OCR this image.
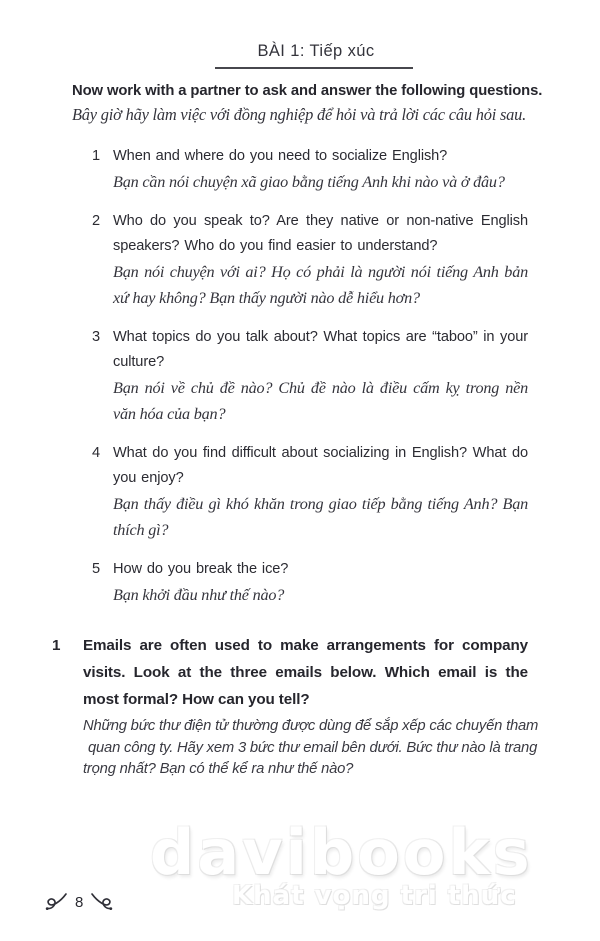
BÀI 1: Tiếp xúc
Now work with a partner to ask and answer the following questions.
Bây giờ hãy làm việc với đồng nghiệp để hỏi và trả lời các câu hỏi sau.
1 When and where do you need to socialize English?
Bạn cần nói chuyện xã giao bằng tiếng Anh khi nào và ở đâu?
2 Who do you speak to? Are they native or non-native English
speakers? Who do you find easier to understand?
Bạn nói chuyện với ai? Họ có phải là người nói tiếng Anh bản
xứ hay không? Bạn thấy người nào dễ hiểu hơn?
3 What topics do you talk about? What topics are “taboo” in your
culture?
Bạn nói về chủ đề nào? Chủ đề nào là điều cấm kỵ trong nền
văn hóa của bạn?
4 What do you find difficult about socializing in English? What do
you enjoy?
Bạn thấy điều gì khó khăn trong giao tiếp bằng tiếng Anh? Bạn
thích gì?
5 How do you break the ice?
Bạn khởi đầu như thế nào?
1 Emails are often used to make arrangements for company
visits. Look at the three emails below. Which email is the
most formal? How can you tell?
Những bức thư điện tử thường được dùng để sắp xếp các chuyến tham
quan công ty. Hãy xem 3 bức thư email bên dưới. Bức thư nào là trang
trọng nhất? Bạn có thể kể ra như thế nào?
davibooks
Khát vọng tri thức
8
